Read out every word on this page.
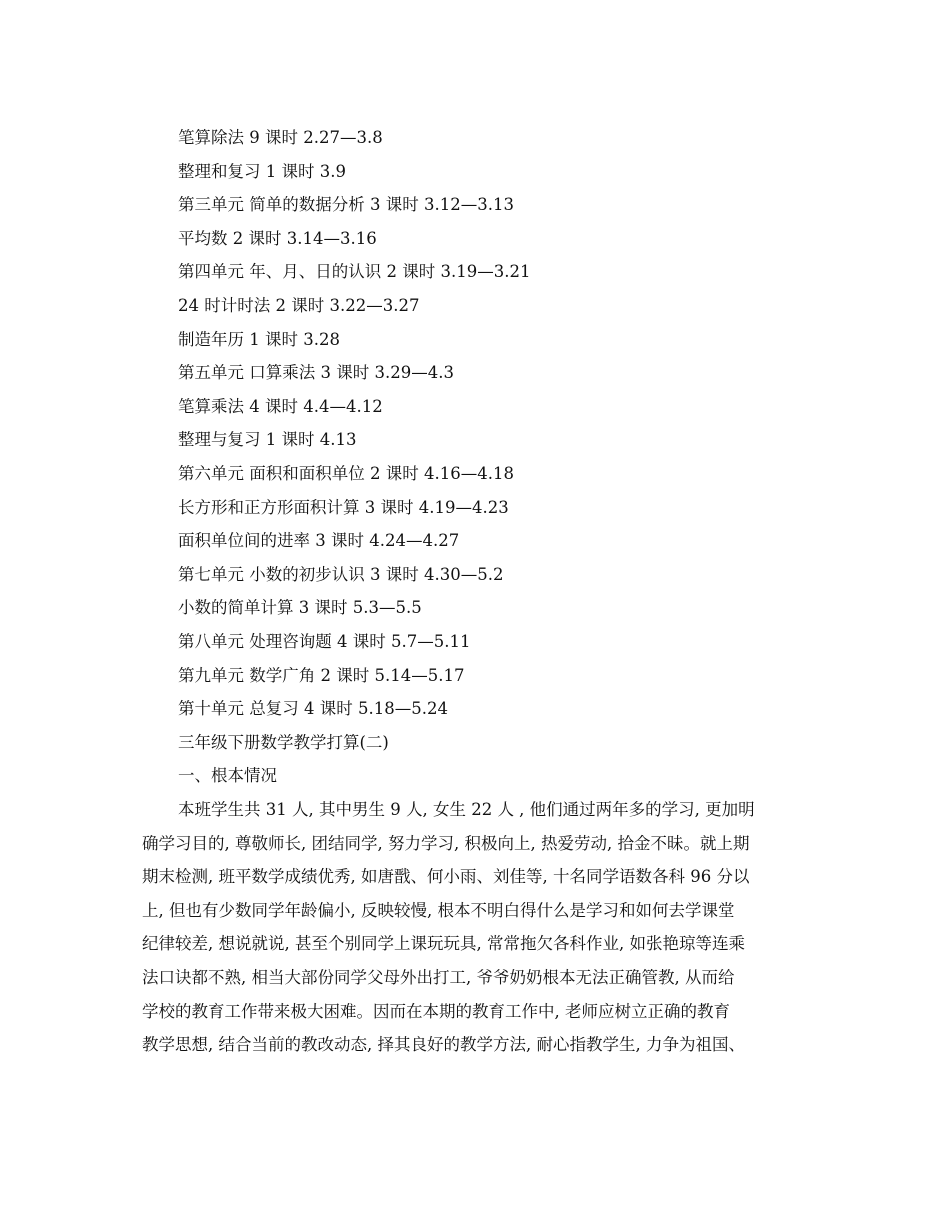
笔算除法 9 课时 2.27—3.8
整理和复习 1 课时 3.9
第三单元 简单的数据分析 3 课时 3.12—3.13
平均数 2 课时 3.14—3.16
第四单元 年、月、日的认识 2 课时 3.19—3.21
24 时计时法 2 课时 3.22—3.27
制造年历 1 课时 3.28
第五单元 口算乘法 3 课时 3.29—4.3
笔算乘法 4 课时 4.4—4.12
整理与复习 1 课时 4.13
第六单元 面积和面积单位 2 课时 4.16—4.18
长方形和正方形面积计算 3 课时 4.19—4.23
面积单位间的进率 3 课时 4.24—4.27
第七单元 小数的初步认识 3 课时 4.30—5.2
小数的简单计算 3 课时 5.3—5.5
第八单元 处理咨询题 4 课时 5.7—5.11
第九单元 数学广角 2 课时 5.14—5.17
第十单元 总复习 4 课时 5.18—5.24
三年级下册数学教学打算(二)
一、根本情况
本班学生共 31 人, 其中男生 9 人, 女生 22 人 , 他们通过两年多的学习, 更加明
确学习目的, 尊敬师长, 团结同学, 努力学习, 积极向上, 热爱劳动, 拾金不昧。就上期
期末检测, 班平数学成绩优秀, 如唐戬、何小雨、刘佳等, 十名同学语数各科 96 分以
上, 但也有少数同学年龄偏小, 反映较慢, 根本不明白得什么是学习和如何去学课堂
纪律较差, 想说就说, 甚至个别同学上课玩玩具, 常常拖欠各科作业, 如张艳琼等连乘
法口诀都不熟, 相当大部份同学父母外出打工, 爷爷奶奶根本无法正确管教, 从而给
学校的教育工作带来极大困难。因而在本期的教育工作中, 老师应树立正确的教育
教学思想, 结合当前的教改动态, 择其良好的教学方法, 耐心指教学生, 力争为祖国、
